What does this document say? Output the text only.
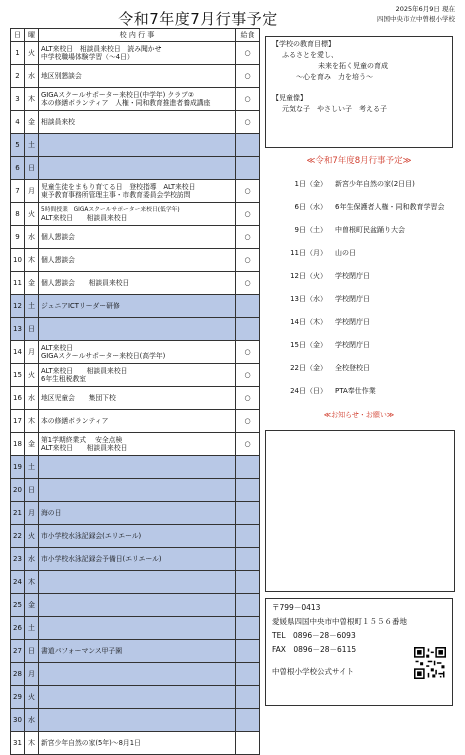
令和7年度7月行事予定
2025年6月9日 現在
四国中央市立中曽根小学校
日	曜	校 内 行 事	給食
1	火	ALT来校日　相談員来校日　読み聞かせ
中学校職場体験学習（～4日）	○
2	水	地区別懇談会	○
3	木	GIGAスクールサポーター来校日(中学年) クラブ②
本の修繕ボランティア　人権・同和教育推進者養成講座	○
4	金	相談員来校	○
5	土		
6	日		
7	月	児童生徒をまもり育てる日　登校指導　ALT来校日
東予教育事務所管理主事・市教育委員会学校訪問	○
8	火	5時間授業　GIGAスクールサポーター来校日(低学年)
ALT来校日　　相談員来校日	○
9	水	個人懇談会	○
10	木	個人懇談会	○
11	金	個人懇談会　　相談員来校日	○
12	土	ジュニアICTリーダー研修	

13	日		
14	月	ALT来校日
GIGAスクールサポーター来校日(高学年)	○
15	火	ALT来校日　　相談員来校日
6年生租税教室	○
16	水	地区児童会　　集団下校	○
17	木	本の修繕ボランティア	○
18	金	第1学期終業式　 安全点検
ALT来校日　　相談員来校日	○
19	土		
20	日		
21	月	海の日	

22	火	市小学校水泳記録会(エリエール)	

23	水	市小学校水泳記録会予備日(エリエール)	

24	木		
25	金		
26	土		
27	日	書道パフォーマンス甲子園	

28	月		
29	火		
30	水		
31	木	新宮少年自然の家(5年)～8月1日	

【学校の教育目標】
ふるさとを愛し、
未来を拓く児童の育成
～心を育み　力を培う～
【児童像】
元気な子　やさしい子　考える子
≪令和7年度8月行事予定≫
1日（金）	新宮少年自然の家(2日目)
6日（水）	6年生保護者人権・同和教育学習会
9日（土）	中曽根町民盆踊り大会
11日（月）	山の日
12日（火）	学校閉庁日
13日（水）	学校閉庁日
14日（木）	学校閉庁日
15日（金）	学校閉庁日
22日（金）	全校登校日
24日（日）	PTA奉仕作業
≪お知らせ・お願い≫
〒799－0413
愛媛県四国中央市中曽根町１５５６番地
TEL　0896－28－6093
FAX　0896－28－6115
中曽根小学校公式サイト
